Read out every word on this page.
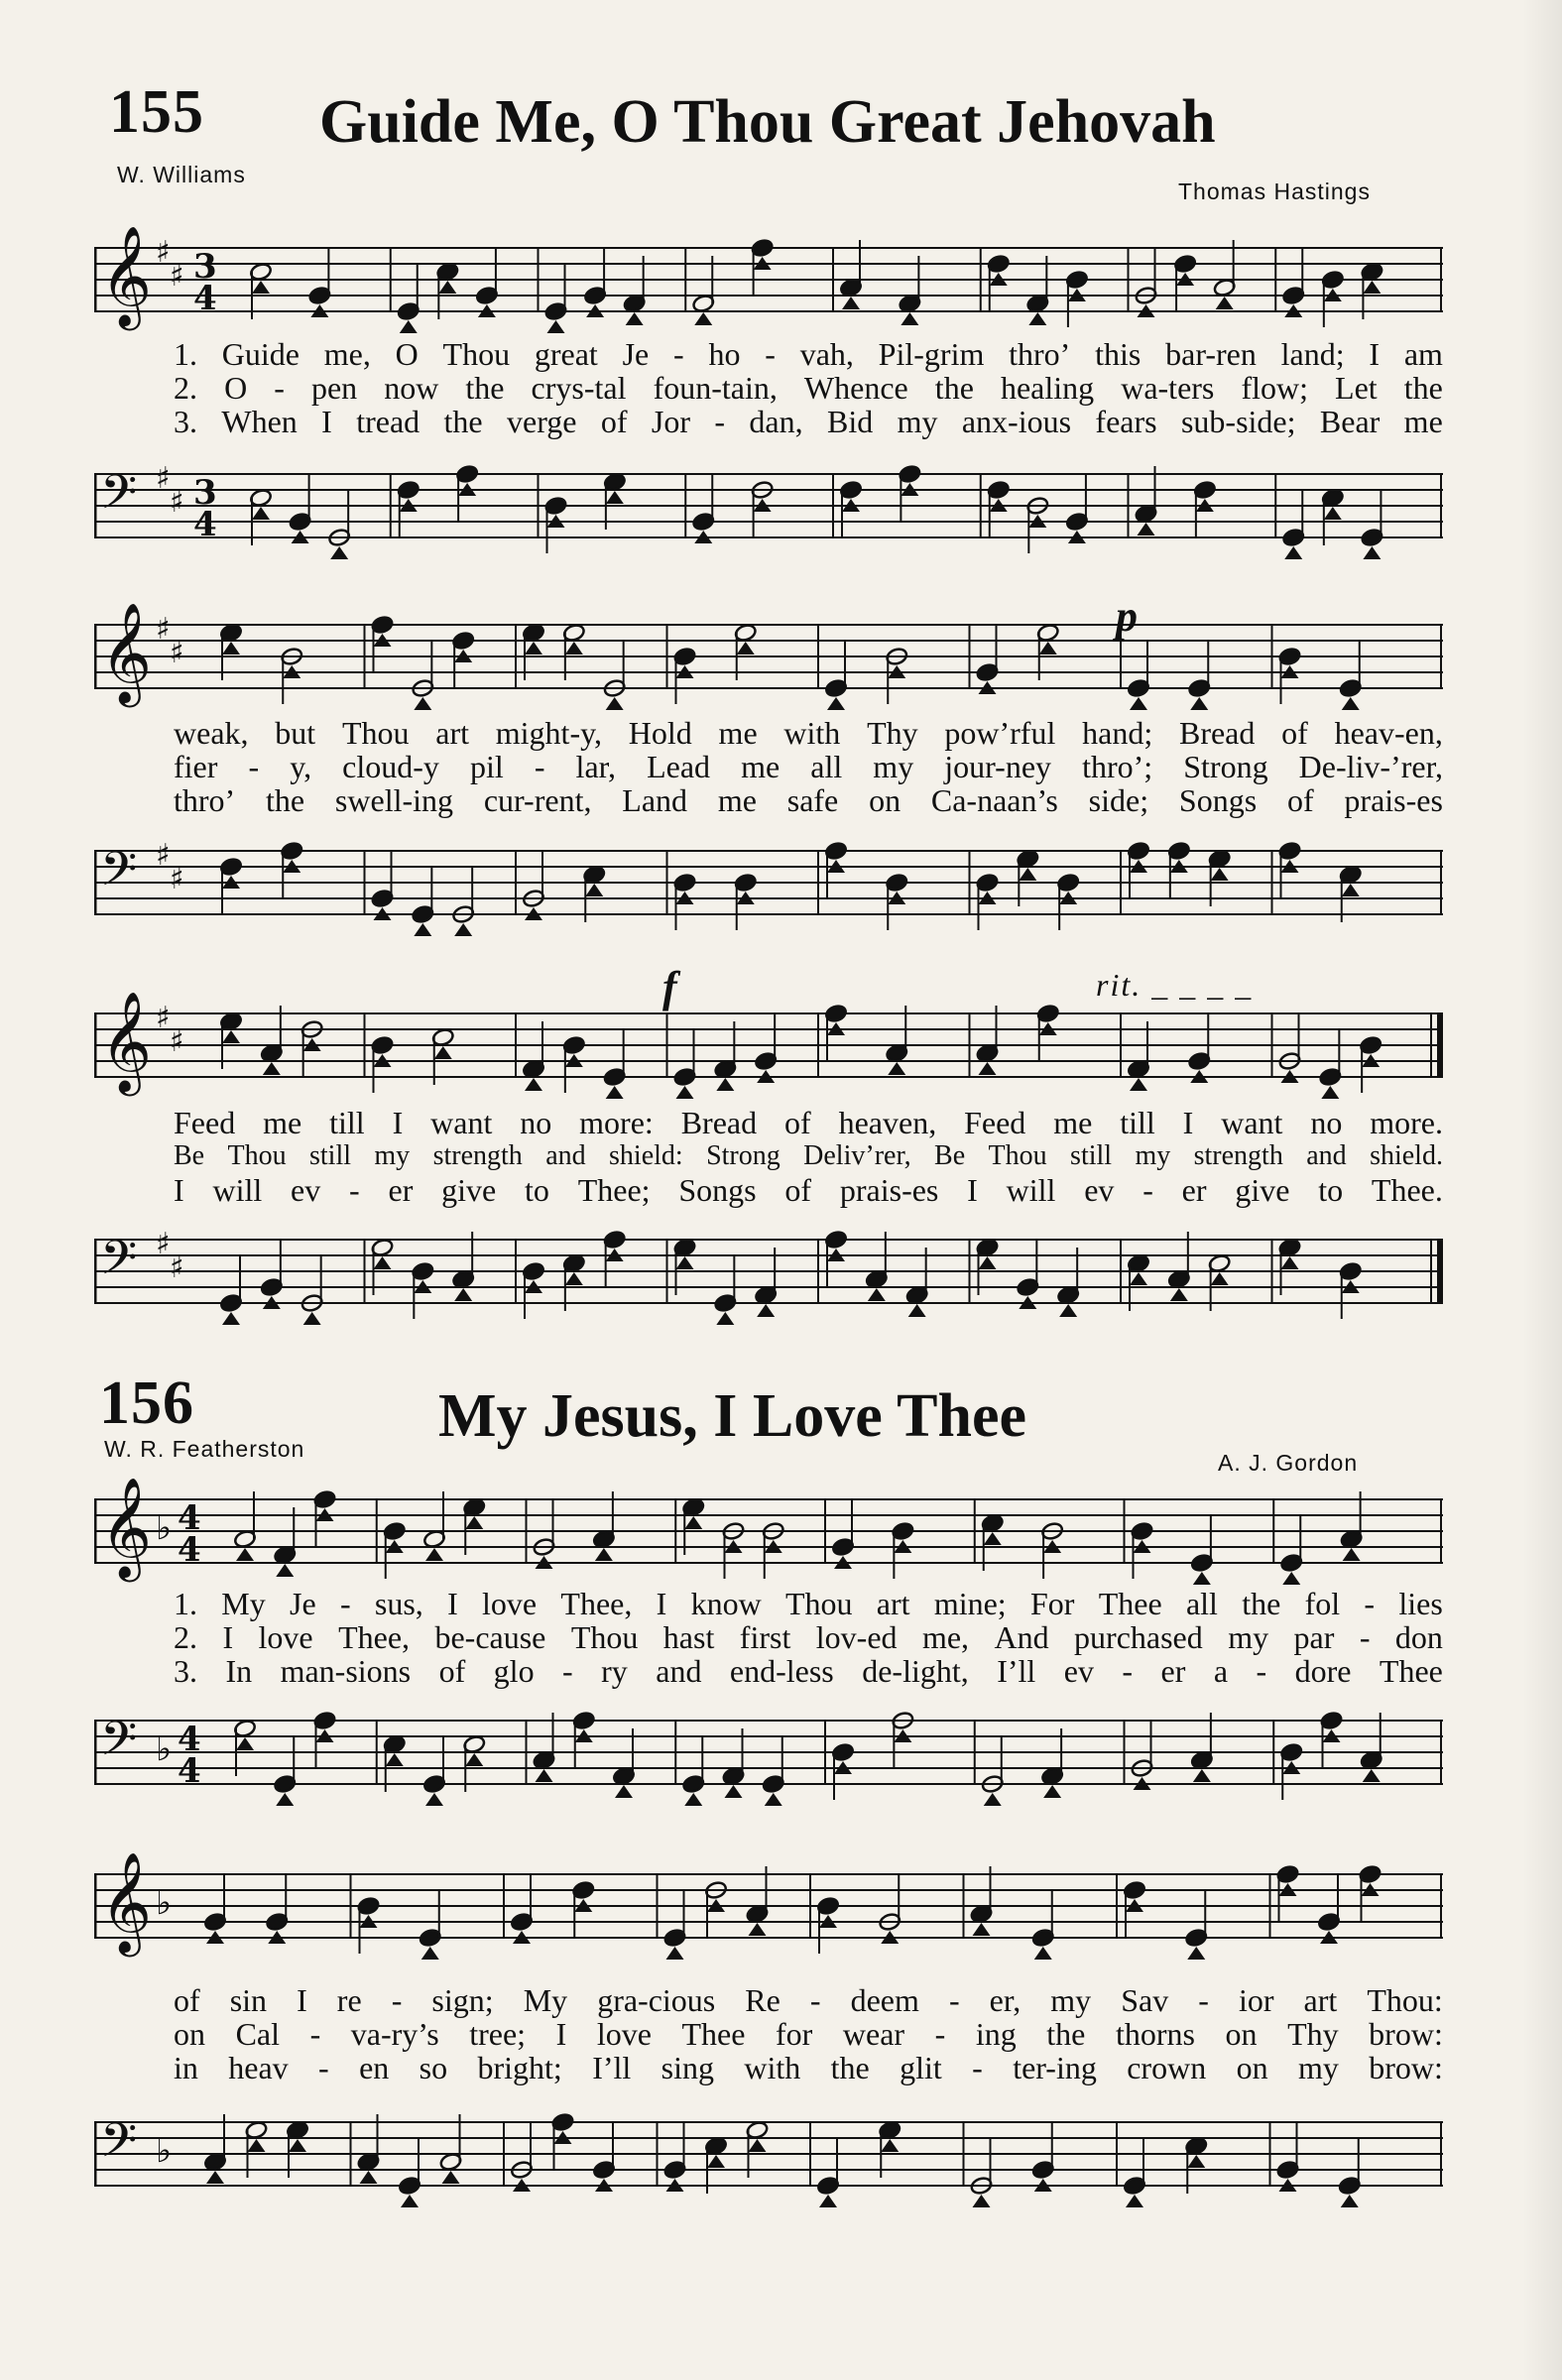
155 Guide Me, O Thou Great Jehovah
W. Williams
Thomas Hastings
𝄞 ♯
♯ 3
4
1. Guide me, O Thou great Je - ho - vah, Pil-grim thro’ this bar-ren land; I am
2. O - pen now the crys-tal foun-tain, Whence the healing wa-ters flow; Let the
3. When I tread the verge of Jor - dan, Bid my anx-ious fears sub-side; Bear me
𝄢 ♯
♯ 3
4
𝄞 ♯
♯
p
weak, but Thou art might-y, Hold me with Thy pow’rful hand; Bread of heav-en,
fier - y, cloud-y pil - lar, Lead me all my jour-ney thro’; Strong De-liv-’rer,
thro’ the swell-ing cur-rent, Land me safe on Ca-naan’s side; Songs of prais-es
𝄢 ♯
♯
f	rit. _ _ _ _
𝄞 ♯
♯
Feed me till I want no more: Bread of heaven, Feed me till I want no more.
Be Thou still my strength and shield: Strong Deliv’rer, Be Thou still my strength and shield.
I will ev - er give to Thee; Songs of prais-es I will ev - er give to Thee.
𝄢 ♯
♯
156	My Jesus, I Love Thee
W. R. Featherston
A. J. Gordon
𝄞 ♭ 4
4
1. My Je - sus, I love Thee, I know Thou art mine; For Thee all the fol - lies
2. I love Thee, be-cause Thou hast first lov-ed me, And purchased my par - don
3. In man-sions of glo - ry and end-less de-light, I’ll ev - er a - dore Thee
𝄢 ♭ 4
4
𝄞 ♭
of sin I re - sign; My gra-cious Re - deem - er, my Sav - ior art Thou:
on Cal - va-ry’s tree; I love Thee for wear - ing the thorns on Thy brow:
in heav - en so bright; I’ll sing with the glit - ter-ing crown on my brow:
𝄢 ♭
